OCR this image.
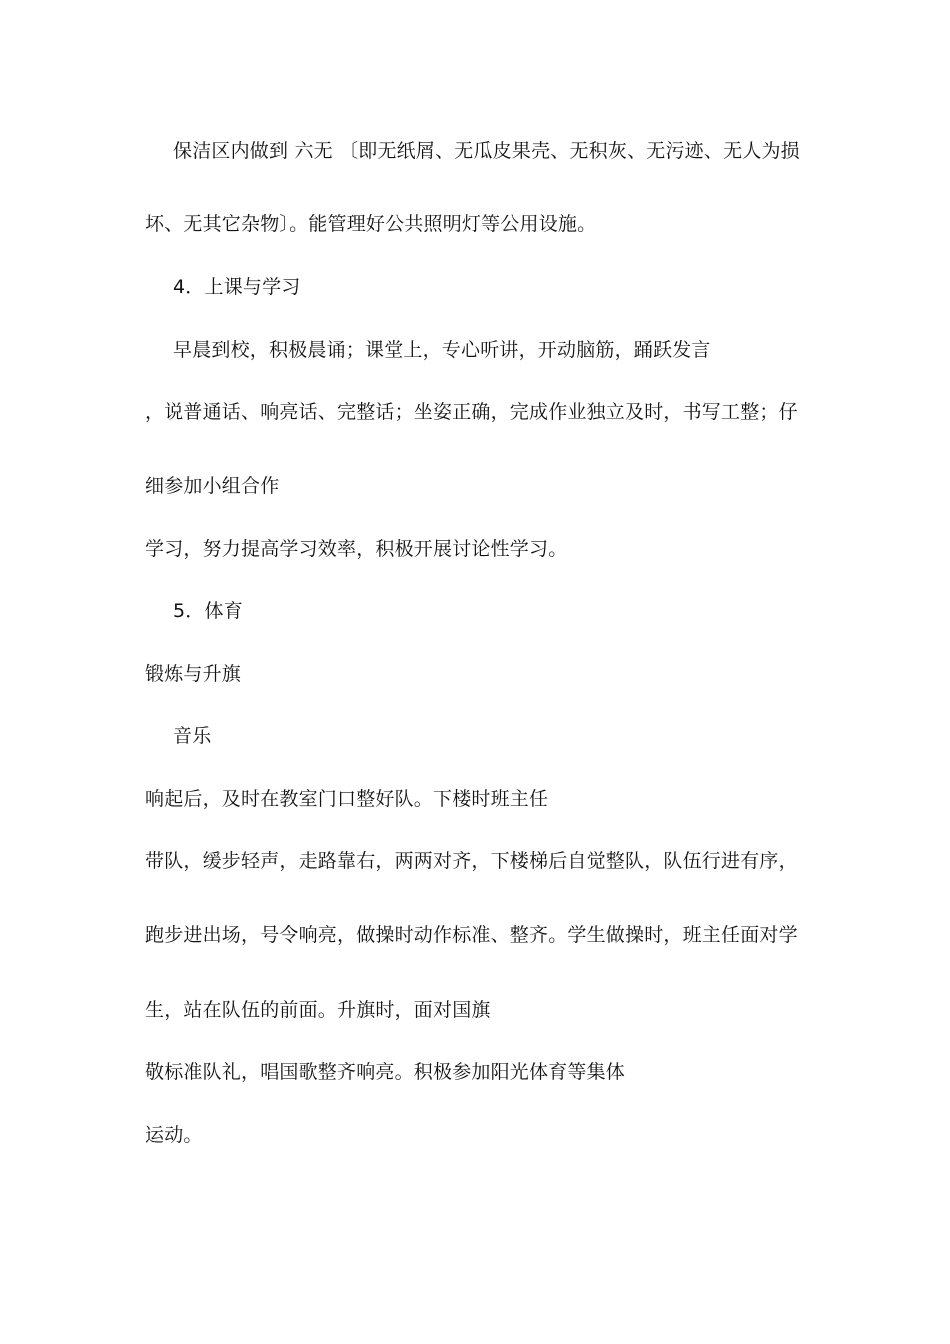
保洁区内做到 六无 〔即无纸屑、无瓜皮果壳、无积灰、无污迹、无人为损
坏、无其它杂物〕。能管理好公共照明灯等公用设施。
4．上课与学习
早晨到校，积极晨诵；课堂上，专心听讲，开动脑筋，踊跃发言
，说普通话、响亮话、完整话；坐姿正确，完成作业独立及时，书写工整；仔
细参加小组合作
学习，努力提高学习效率，积极开展讨论性学习。
5．体育
锻炼与升旗
音乐
响起后，及时在教室门口整好队。下楼时班主任
带队，缓步轻声，走路靠右，两两对齐，下楼梯后自觉整队，队伍行进有序，
跑步进出场，号令响亮，做操时动作标准、整齐。学生做操时，班主任面对学
生，站在队伍的前面。升旗时，面对国旗
敬标准队礼，唱国歌整齐响亮。积极参加阳光体育等集体
运动。
